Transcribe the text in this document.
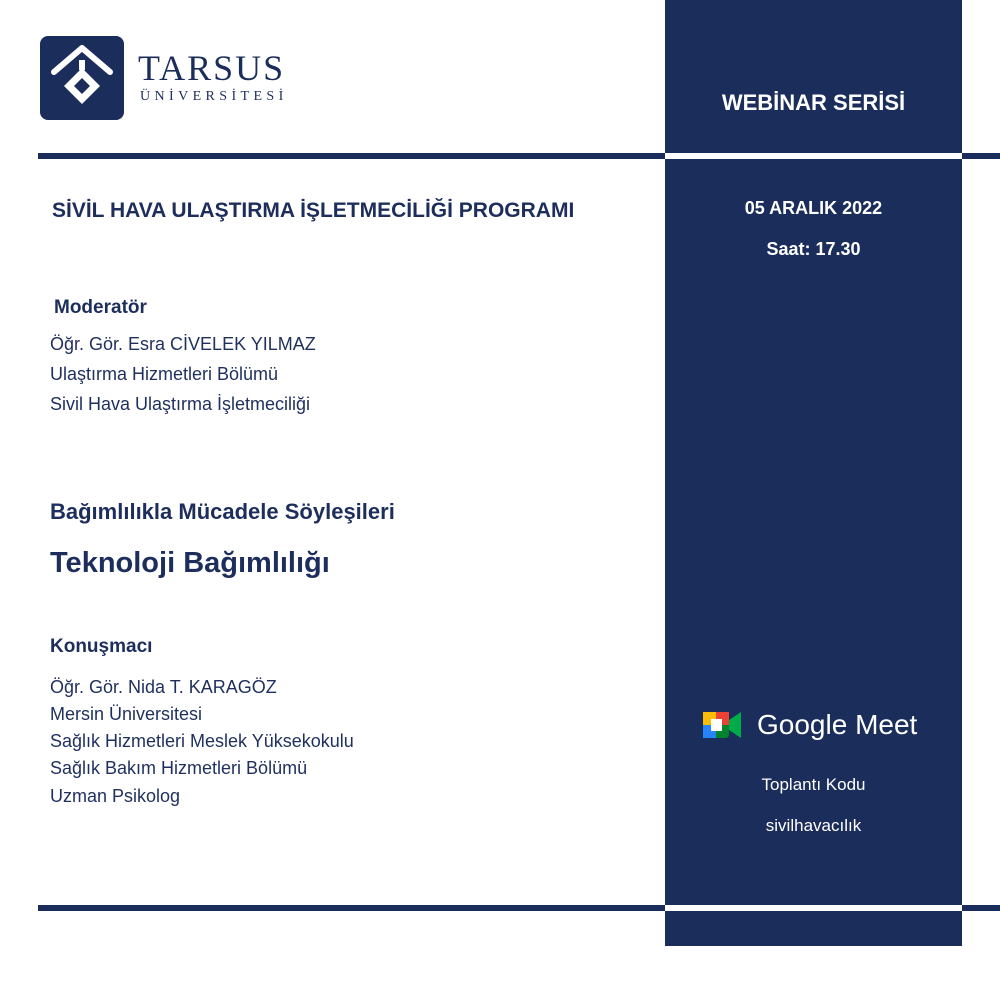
TARSUS
ÜNİVERSİTESİ	WEBİNAR SERİSİ
05 ARALIK 2022
Saat: 17.30
SİVİL HAVA ULAŞTIRMA İŞLETMECİLİĞİ PROGRAMI
Moderatör
Öğr. Gör. Esra CİVELEK YILMAZ
Ulaştırma Hizmetleri Bölümü
Sivil Hava Ulaştırma İşletmeciliği
Bağımlılıkla Mücadele Söyleşileri
Teknoloji Bağımlılığı
Konuşmacı
Öğr. Gör. Nida T. KARAGÖZ
Mersin Üniversitesi
Sağlık Hizmetleri Meslek Yüksekokulu
Sağlık Bakım Hizmetleri Bölümü
Uzman Psikolog
Google Meet
Toplantı Kodu
sivilhavacılık
